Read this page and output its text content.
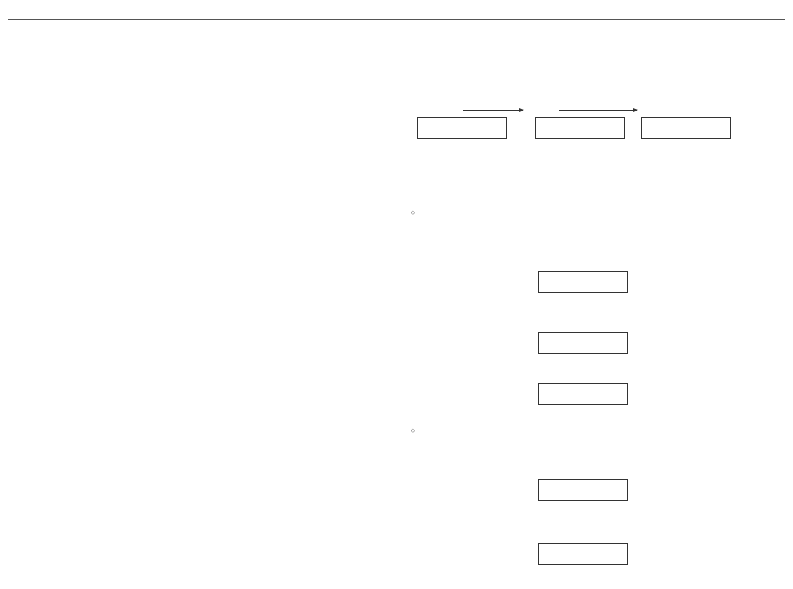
◇
◇
